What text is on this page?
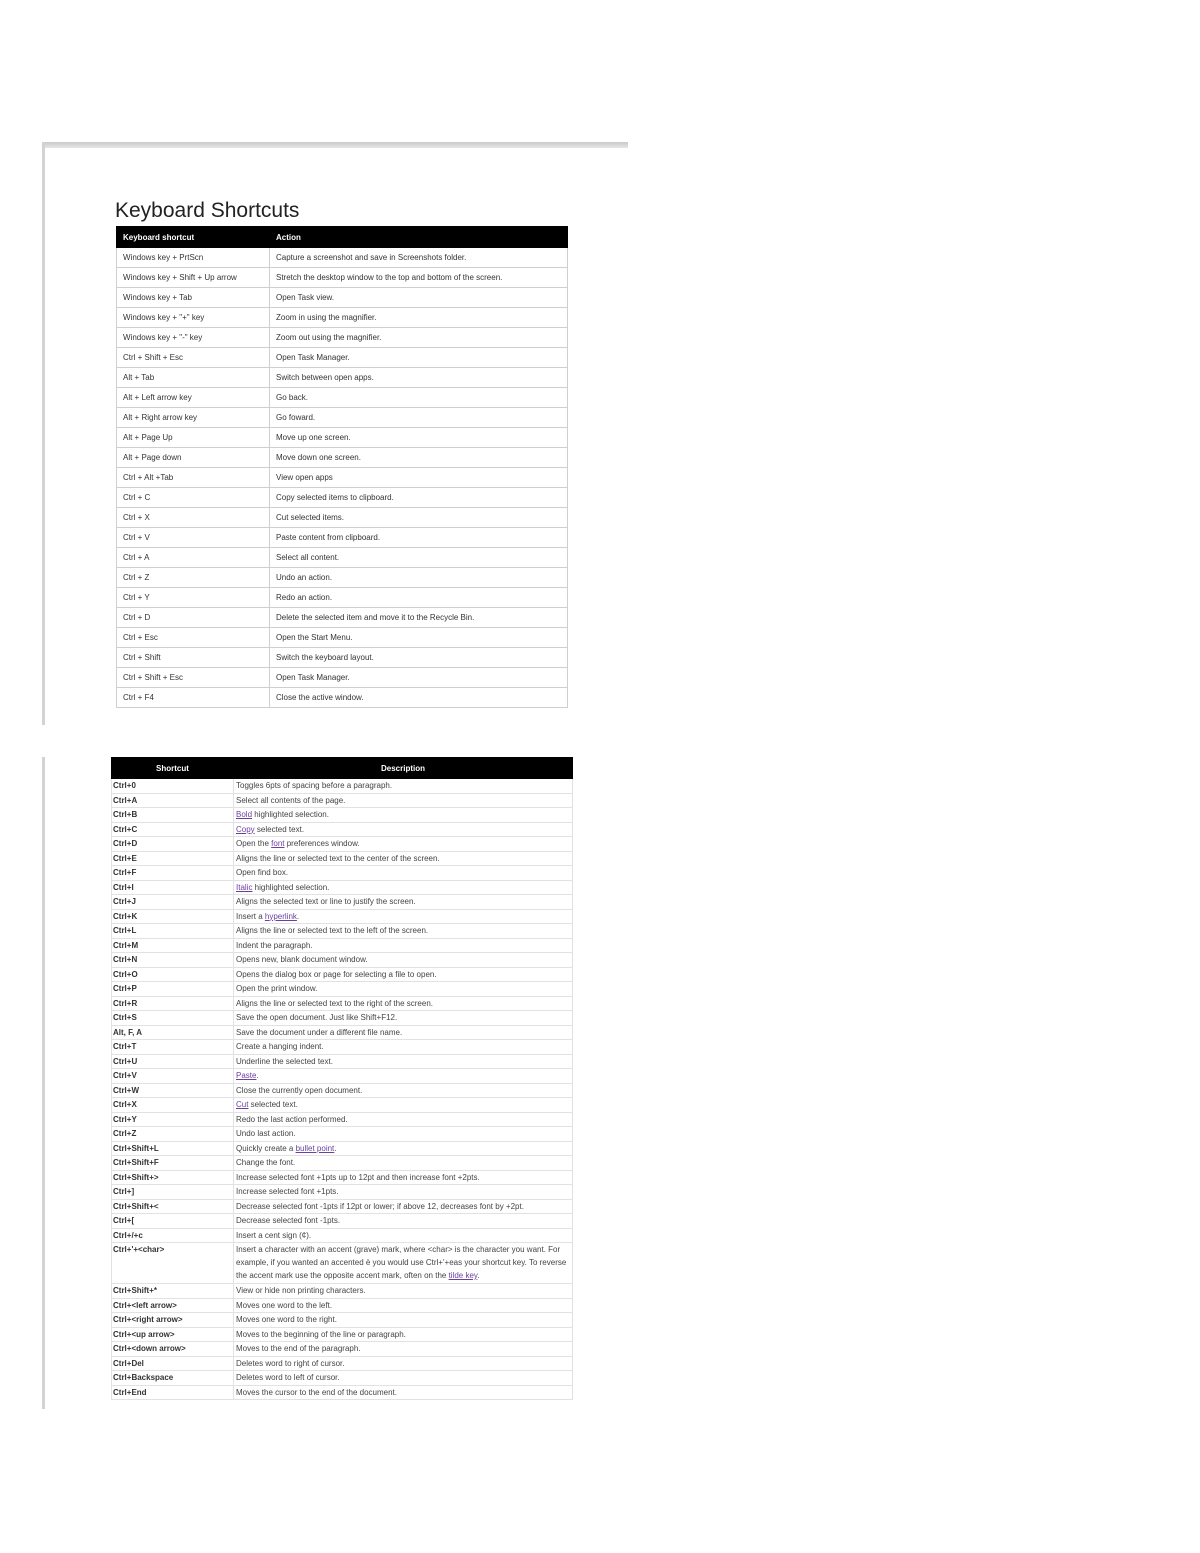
Keyboard Shortcuts
Keyboard shortcut	Action
Windows key + PrtScn	Capture a screenshot and save in Screenshots folder.
Windows key + Shift + Up arrow	Stretch the desktop window to the top and bottom of the screen.
Windows key + Tab	Open Task view.
Windows key + "+" key	Zoom in using the magnifier.
Windows key + "-" key	Zoom out using the magnifier.
Ctrl + Shift + Esc	Open Task Manager.
Alt + Tab	Switch between open apps.
Alt + Left arrow key	Go back.
Alt + Right arrow key	Go foward.
Alt + Page Up	Move up one screen.
Alt + Page down	Move down one screen.
Ctrl + Alt +Tab	View open apps
Ctrl + C	Copy selected items to clipboard.
Ctrl + X	Cut selected items.
Ctrl + V	Paste content from clipboard.
Ctrl + A	Select all content.
Ctrl + Z	Undo an action.
Ctrl + Y	Redo an action.
Ctrl + D	Delete the selected item and move it to the Recycle Bin.
Ctrl + Esc	Open the Start Menu.
Ctrl + Shift	Switch the keyboard layout.
Ctrl + Shift + Esc	Open Task Manager.
Ctrl + F4	Close the active window.
Shortcut	Description
Ctrl+0	Toggles 6pts of spacing before a paragraph.
Ctrl+A	Select all contents of the page.
Ctrl+B	Bold highlighted selection.
Ctrl+C	Copy selected text.
Ctrl+D	Open the font preferences window.
Ctrl+E	Aligns the line or selected text to the center of the screen.
Ctrl+F	Open find box.
Ctrl+I	Italic highlighted selection.
Ctrl+J	Aligns the selected text or line to justify the screen.
Ctrl+K	Insert a hyperlink.
Ctrl+L	Aligns the line or selected text to the left of the screen.
Ctrl+M	Indent the paragraph.
Ctrl+N	Opens new, blank document window.
Ctrl+O	Opens the dialog box or page for selecting a file to open.
Ctrl+P	Open the print window.
Ctrl+R	Aligns the line or selected text to the right of the screen.
Ctrl+S	Save the open document. Just like Shift+F12.
Alt, F, A	Save the document under a different file name.
Ctrl+T	Create a hanging indent.
Ctrl+U	Underline the selected text.
Ctrl+V	Paste.
Ctrl+W	Close the currently open document.
Ctrl+X	Cut selected text.
Ctrl+Y	Redo the last action performed.
Ctrl+Z	Undo last action.
Ctrl+Shift+L	Quickly create a bullet point.
Ctrl+Shift+F	Change the font.
Ctrl+Shift+>	Increase selected font +1pts up to 12pt and then increase font +2pts.
Ctrl+]	Increase selected font +1pts.
Ctrl+Shift+<	Decrease selected font -1pts if 12pt or lower; if above 12, decreases font by +2pt.
Ctrl+[	Decrease selected font -1pts.
Ctrl+/+c	Insert a cent sign (¢).
Ctrl+'+<char>	Insert a character with an accent (grave) mark, where <char> is the character you want. For example, if you wanted an accented è you would use Ctrl+'+eas your shortcut key. To reverse the accent mark use the opposite accent mark, often on the tilde key.
Ctrl+Shift+*	View or hide non printing characters.
Ctrl+<left arrow>	Moves one word to the left.
Ctrl+<right arrow>	Moves one word to the right.
Ctrl+<up arrow>	Moves to the beginning of the line or paragraph.
Ctrl+<down arrow>	Moves to the end of the paragraph.
Ctrl+Del	Deletes word to right of cursor.
Ctrl+Backspace	Deletes word to left of cursor.
Ctrl+End	Moves the cursor to the end of the document.
